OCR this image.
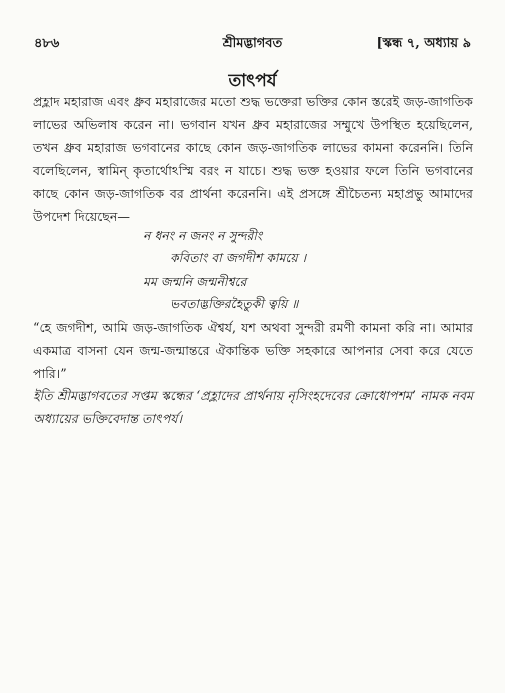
৪৮৬	শ্রীমদ্ভাগবত	[স্কন্ধ ৭, অধ্যায় ৯
তাৎপর্য
প্রহ্লাদ মহারাজ এবং ধ্রুব মহারাজের মতো শুদ্ধ ভক্তেরা ভক্তির কোন স্তরেই জড়-জাগতিক লাভের অভিলাষ করেন না। ভগবান যখন ধ্রুব মহারাজের সম্মুখে উপস্থিত হয়েছিলেন, তখন ধ্রুব মহারাজ ভগবানের কাছে কোন জড়-জাগতিক লাভের কামনা করেননি। তিনি বলেছিলেন, স্বামিন্ কৃতার্থোঽস্মি বরং ন যাচে। শুদ্ধ ভক্ত হওয়ার ফলে তিনি ভগবানের কাছে কোন জড়-জাগতিক বর প্রার্থনা করেননি। এই প্রসঙ্গে শ্রীচৈতন্য মহাপ্রভু আমাদের উপদেশ দিয়েছেন—
ন ধনং ন জনং ন সুন্দরীং
কবিতাং বা জগদীশ কাময়ে ।
মম জন্মনি জন্মনীশ্বরে
ভবতাদ্ভক্তিরহৈতুকী ত্বয়ি ॥
“হে জগদীশ, আমি জড়-জাগতিক ঐশ্বর্য, যশ অথবা সুন্দরী রমণী কামনা করি না। আমার একমাত্র বাসনা যেন জন্ম-জন্মান্তরে ঐকান্তিক ভক্তি সহকারে আপনার সেবা করে যেতে পারি।”
ইতি শ্রীমদ্ভাগবতের সপ্তম স্কন্ধের ‘প্রহ্লাদের প্রার্থনায় নৃসিংহদেবের ক্রোধোপশম’ নামক নবম অধ্যায়ের ভক্তিবেদান্ত তাৎপর্য।
